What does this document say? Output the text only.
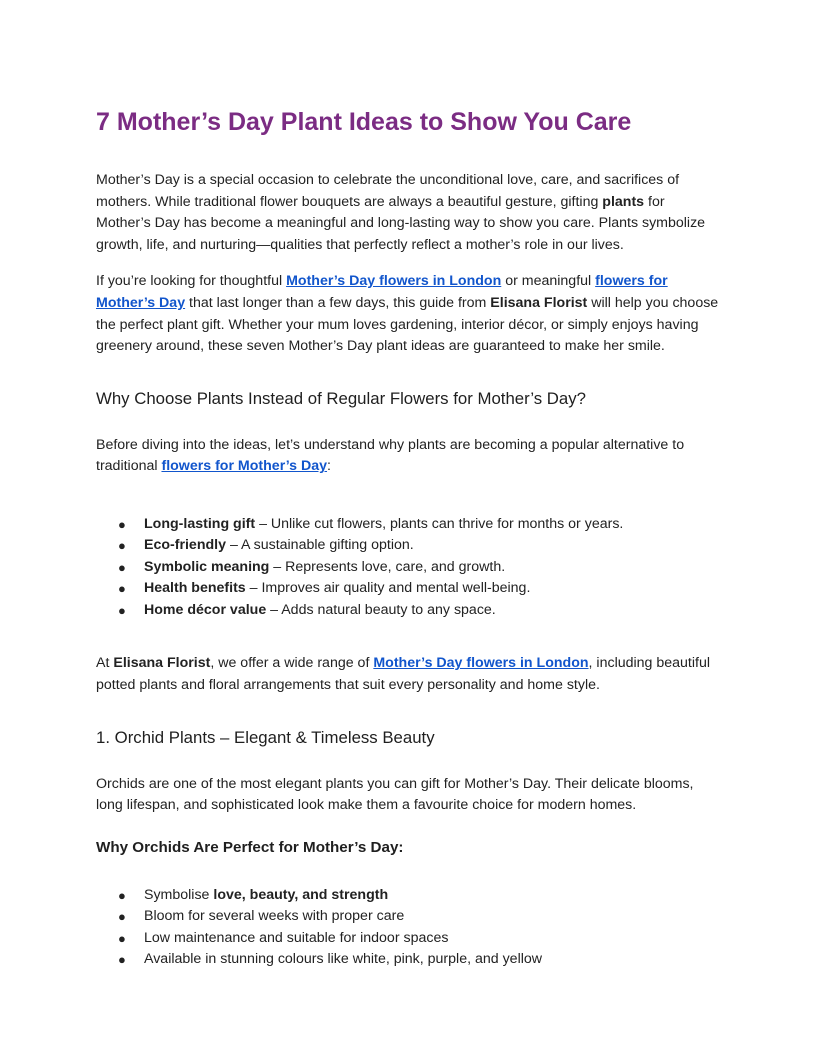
7 Mother’s Day Plant Ideas to Show You Care

Mother’s Day is a special occasion to celebrate the unconditional love, care, and sacrifices of mothers. While traditional flower bouquets are always a beautiful gesture, gifting plants for Mother’s Day has become a meaningful and long-lasting way to show you care. Plants symbolize growth, life, and nurturing—qualities that perfectly reflect a mother’s role in our lives.

If you’re looking for thoughtful Mother’s Day flowers in London or meaningful flowers for Mother’s Day that last longer than a few days, this guide from Elisana Florist will help you choose the perfect plant gift. Whether your mum loves gardening, interior décor, or simply enjoys having greenery around, these seven Mother’s Day plant ideas are guaranteed to make her smile.

Why Choose Plants Instead of Regular Flowers for Mother’s Day?

Before diving into the ideas, let’s understand why plants are becoming a popular alternative to traditional flowers for Mother’s Day:

● Long-lasting gift – Unlike cut flowers, plants can thrive for months or years.
● Eco-friendly – A sustainable gifting option.
● Symbolic meaning – Represents love, care, and growth.
● Health benefits – Improves air quality and mental well-being.
● Home décor value – Adds natural beauty to any space.

At Elisana Florist, we offer a wide range of Mother’s Day flowers in London, including beautiful potted plants and floral arrangements that suit every personality and home style.

1. Orchid Plants – Elegant & Timeless Beauty

Orchids are one of the most elegant plants you can gift for Mother’s Day. Their delicate blooms, long lifespan, and sophisticated look make them a favourite choice for modern homes.

Why Orchids Are Perfect for Mother’s Day:
● Symbolise love, beauty, and strength
● Bloom for several weeks with proper care
● Low maintenance and suitable for indoor spaces
● Available in stunning colours like white, pink, purple, and yellow
